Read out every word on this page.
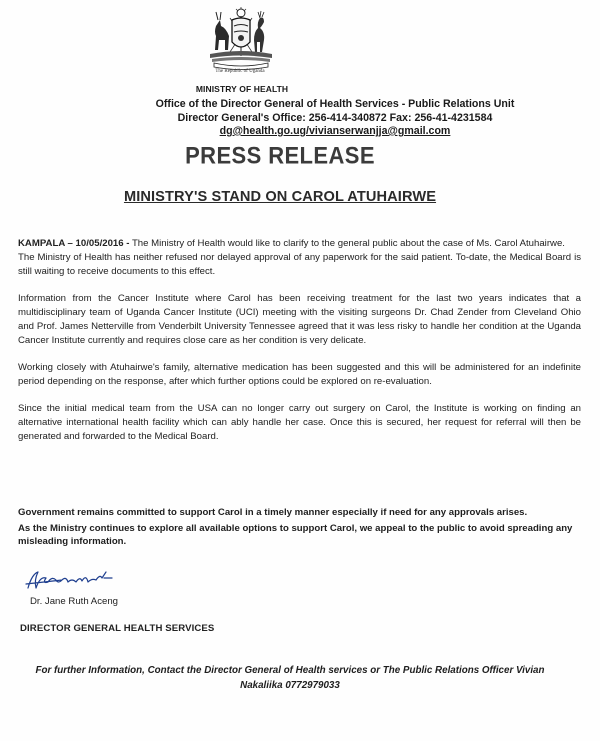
The Republic of Uganda
MINISTRY OF HEALTH
Office of the Director General of Health Services - Public Relations Unit
Director General's Office: 256-414-340872 Fax: 256-41-4231584
dg@health.go.ug/vivianserwanjja@gmail.com
PRESS RELEASE
MINISTRY'S STAND ON CAROL ATUHAIRWE

KAMPALA – 10/05/2016 - The Ministry of Health would like to clarify to the general public about the case of Ms. Carol Atuhairwe.

The Ministry of Health has neither refused nor delayed approval of any paperwork for the said patient. To-date, the Medical Board is still waiting to receive documents to this effect.

Information from the Cancer Institute where Carol has been receiving treatment for the last two years indicates that a multidisciplinary team of Uganda Cancer Institute (UCI) meeting with the visiting surgeons Dr. Chad Zender from Cleveland Ohio and Prof. James Netterville from Venderbilt University Tennessee agreed that it was less risky to handle her condition at the Uganda Cancer Institute currently and requires close care as her condition is very delicate.

Working closely with Atuhairwe's family, alternative medication has been suggested and this will be administered for an indefinite period depending on the response, after which further options could be explored on re-evaluation.

Since the initial medical team from the USA can no longer carry out surgery on Carol, the Institute is working on finding an alternative international health facility which can ably handle her case. Once this is secured, her request for referral will then be generated and forwarded to the Medical Board.

Government remains committed to support Carol in a timely manner especially if need for any approvals arises.

As the Ministry continues to explore all available options to support Carol, we appeal to the public to avoid spreading any misleading information.

Dr. Jane Ruth Aceng
DIRECTOR GENERAL HEALTH SERVICES
For further Information, Contact the Director General of Health services or The Public Relations Officer Vivian
Nakaliika 0772979033
